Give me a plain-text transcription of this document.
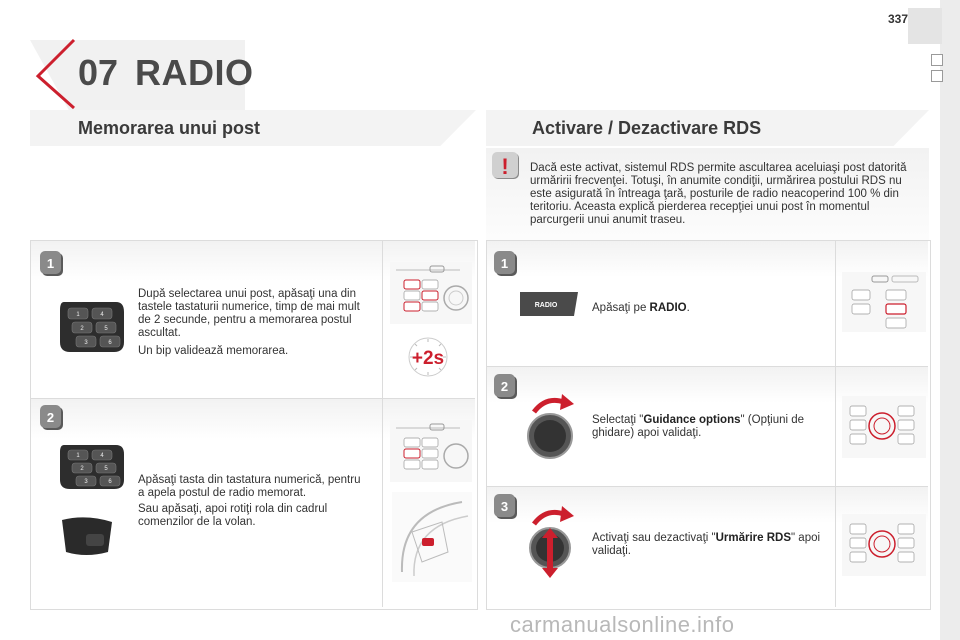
337
07 RADIO
Memorarea unui post	Activare / Dezactivare RDS
! Dacă este activat, sistemul RDS permite ascultarea aceluiaşi post datorită urmăririi frecvenţei. Totuşi, în anumite condiţii, urmărirea postului RDS nu este asigurată în întreaga ţară, posturile de radio neacoperind 100 % din teritoriu. Aceasta explică pierderea recepţiei unui post în momentul parcurgerii unui anumit traseu.
1
2
1	4
2	5
3	6
După selectarea unui post, apăsaţi una din tastele tastaturii numerice, timp de mai mult de 2 secunde, pentru a memorarea postul ascultat.
Un bip validează memorarea.	+2s
1	4
2	5
3	6 Apăsaţi tasta din tastatura numerică, pentru a apela postul de radio memorat.
Sau apăsaţi, apoi rotiţi rola din cadrul comenzilor de la volan.
1
2
3
RADIO	Apăsaţi pe RADIO.
Selectaţi "Guidance options" (Opţiuni de ghidare) apoi validaţi.
Activaţi sau dezactivaţi "Urmărire RDS" apoi validaţi.
carmanualsonline.info
